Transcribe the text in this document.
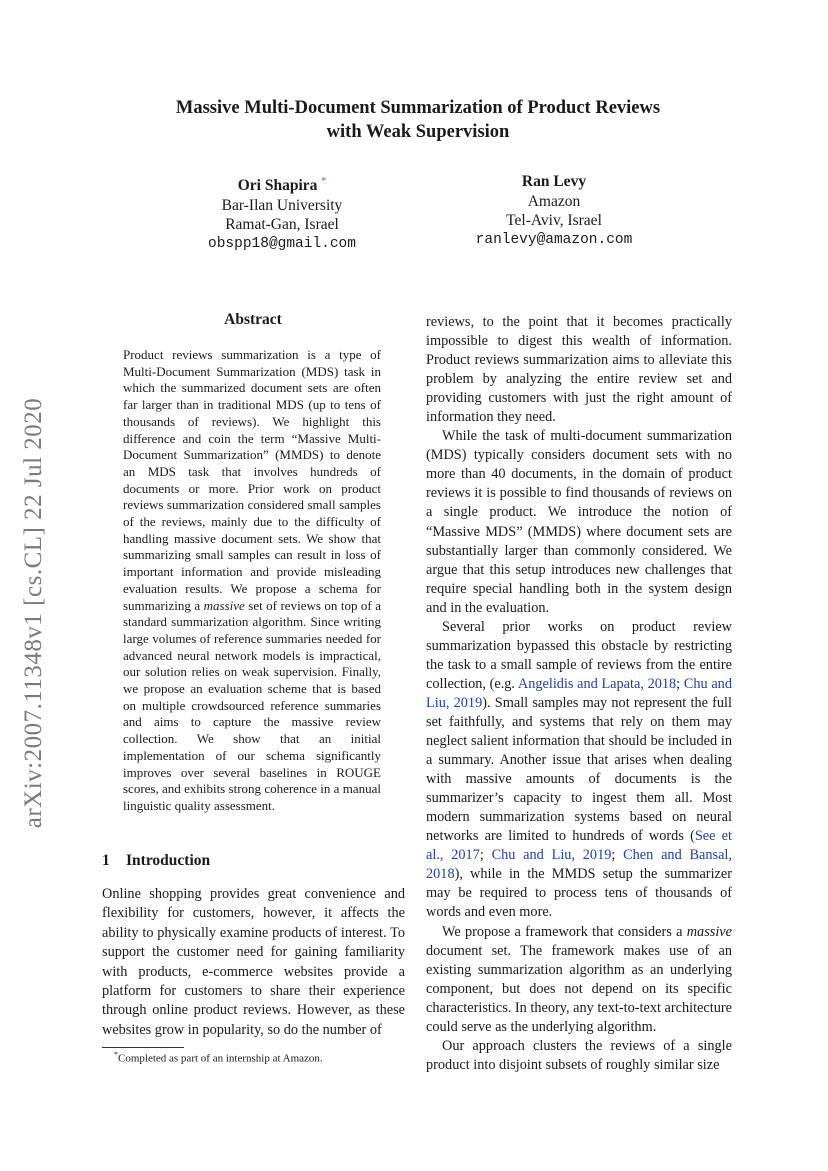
arXiv:2007.11348v1 [cs.CL] 22 Jul 2020
Massive Multi-Document Summarization of Product Reviews
with Weak Supervision
Ori Shapira *
Bar-Ilan University
Ramat-Gan, Israel
obspp18@gmail.com
Ran Levy
Amazon
Tel-Aviv, Israel
ranlevy@amazon.com
Abstract
Product reviews summarization is a type of Multi-Document Summarization (MDS) task in which the summarized document sets are often far larger than in traditional MDS (up to tens of thousands of reviews). We highlight this difference and coin the term “Massive Multi-Document Summarization” (MMDS) to denote an MDS task that involves hundreds of documents or more. Prior work on product reviews summarization considered small samples of the reviews, mainly due to the difficulty of handling massive document sets. We show that summarizing small samples can result in loss of important information and provide misleading evaluation results. We propose a schema for summarizing a massive set of reviews on top of a standard summarization algorithm. Since writing large volumes of reference summaries needed for advanced neural network models is impractical, our solution relies on weak supervision. Finally, we propose an evaluation scheme that is based on multiple crowdsourced reference summaries and aims to capture the massive review collection. We show that an initial implementation of our schema significantly improves over several baselines in ROUGE scores, and exhibits strong coherence in a manual linguistic quality assessment.
1 Introduction
Online shopping provides great convenience and flexibility for customers, however, it affects the ability to physically examine products of interest. To support the customer need for gaining familiarity with products, e-commerce websites provide a platform for customers to share their experience through online product reviews. However, as these websites grow in popularity, so do the number of
*Completed as part of an internship at Amazon.

reviews, to the point that it becomes practically impossible to digest this wealth of information. Product reviews summarization aims to alleviate this problem by analyzing the entire review set and providing customers with just the right amount of information they need.

While the task of multi-document summarization (MDS) typically considers document sets with no more than 40 documents, in the domain of product reviews it is possible to find thousands of reviews on a single product. We introduce the notion of “Massive MDS” (MMDS) where document sets are substantially larger than commonly considered. We argue that this setup introduces new challenges that require special handling both in the system design and in the evaluation.

Several prior works on product review summarization bypassed this obstacle by restricting the task to a small sample of reviews from the entire collection, (e.g. Angelidis and Lapata, 2018; Chu and Liu, 2019). Small samples may not represent the full set faithfully, and systems that rely on them may neglect salient information that should be included in a summary. Another issue that arises when dealing with massive amounts of documents is the summarizer’s capacity to ingest them all. Most modern summarization systems based on neural networks are limited to hundreds of words (See et al., 2017; Chu and Liu, 2019; Chen and Bansal, 2018), while in the MMDS setup the summarizer may be required to process tens of thousands of words and even more.

We propose a framework that considers a massive document set. The framework makes use of an existing summarization algorithm as an underlying component, but does not depend on its specific characteristics. In theory, any text-to-text architecture could serve as the underlying algorithm.

Our approach clusters the reviews of a single product into disjoint subsets of roughly similar size
